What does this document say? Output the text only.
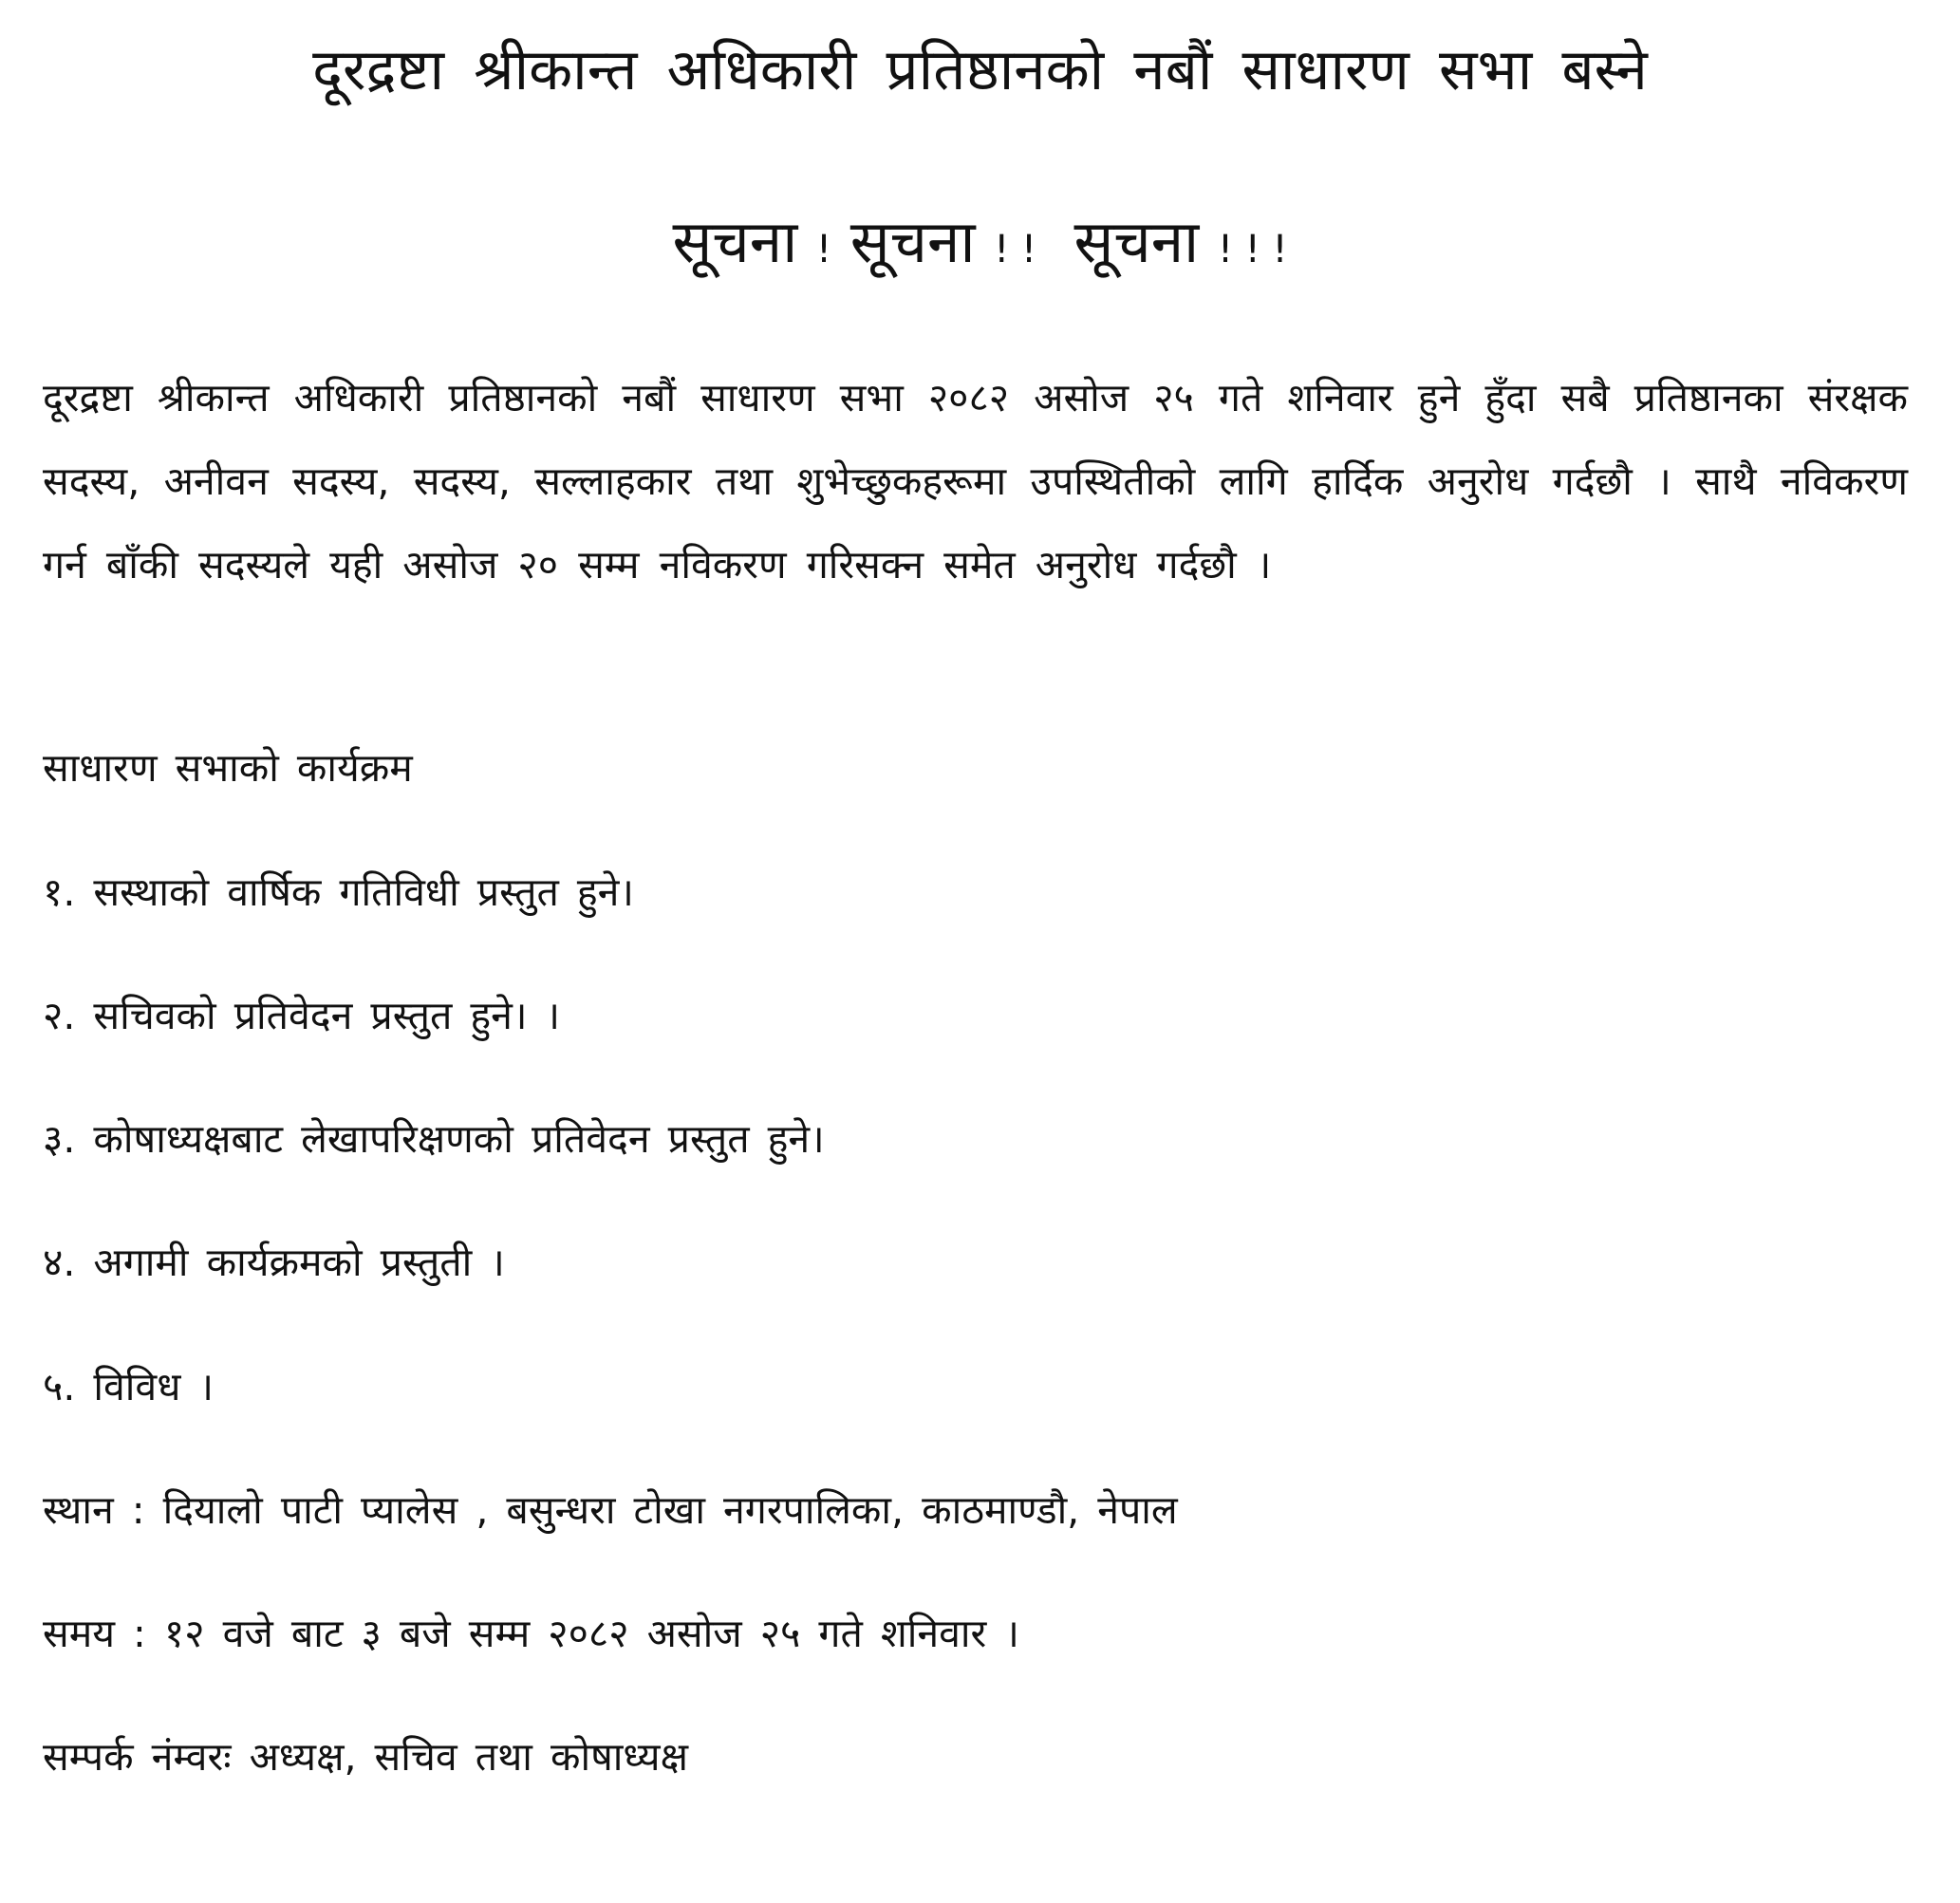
दूरद्रष्टा श्रीकान्त अधिकारी प्रतिष्ठानको नबौं साधारण सभा बस्ने
सूचना ! सूचना ! ! सूचना ! ! !

दूरद्रष्टा श्रीकान्त अधिकारी प्रतिष्ठानको नबौं साधारण सभा २०८२ असोज २५ गते शनिवार हुने हुँदा सबै प्रतिष्ठानका संरक्षक सदस्य, अनीवन सदस्य, सदस्य, सल्लाहकार तथा शुभेच्छुकहरूमा उपस्थितीको लागि हार्दिक अनुरोध गर्दछौ । साथै नविकरण गर्न बाँकी सदस्यले यही असोज २० सम्म नविकरण गरिसक्न समेत अनुरोध गर्दछौ ।

साधारण सभाको कार्यक्रम

१. सस्थाको वार्षिक गतिविधी प्रस्तुत हुने।

२. सचिवको प्रतिवेदन प्रस्तुत हुने। ।

३. कोषाध्यक्षबाट लेखापरिक्षणको प्रतिवेदन प्रस्तुत हुने।

४. अगामी कार्यक्रमको प्रस्तुती ।

५. विविध ।

स्थान : दियालो पाटी प्यालेस , बसुन्धरा टोखा नगरपालिका, काठमाण्डौ, नेपाल

समय : १२ वजे बाट ३ बजे सम्म २०८२ असोज २५ गते शनिवार ।

सम्पर्क नंम्वरः अध्यक्ष, सचिव तथा कोषाध्यक्ष
